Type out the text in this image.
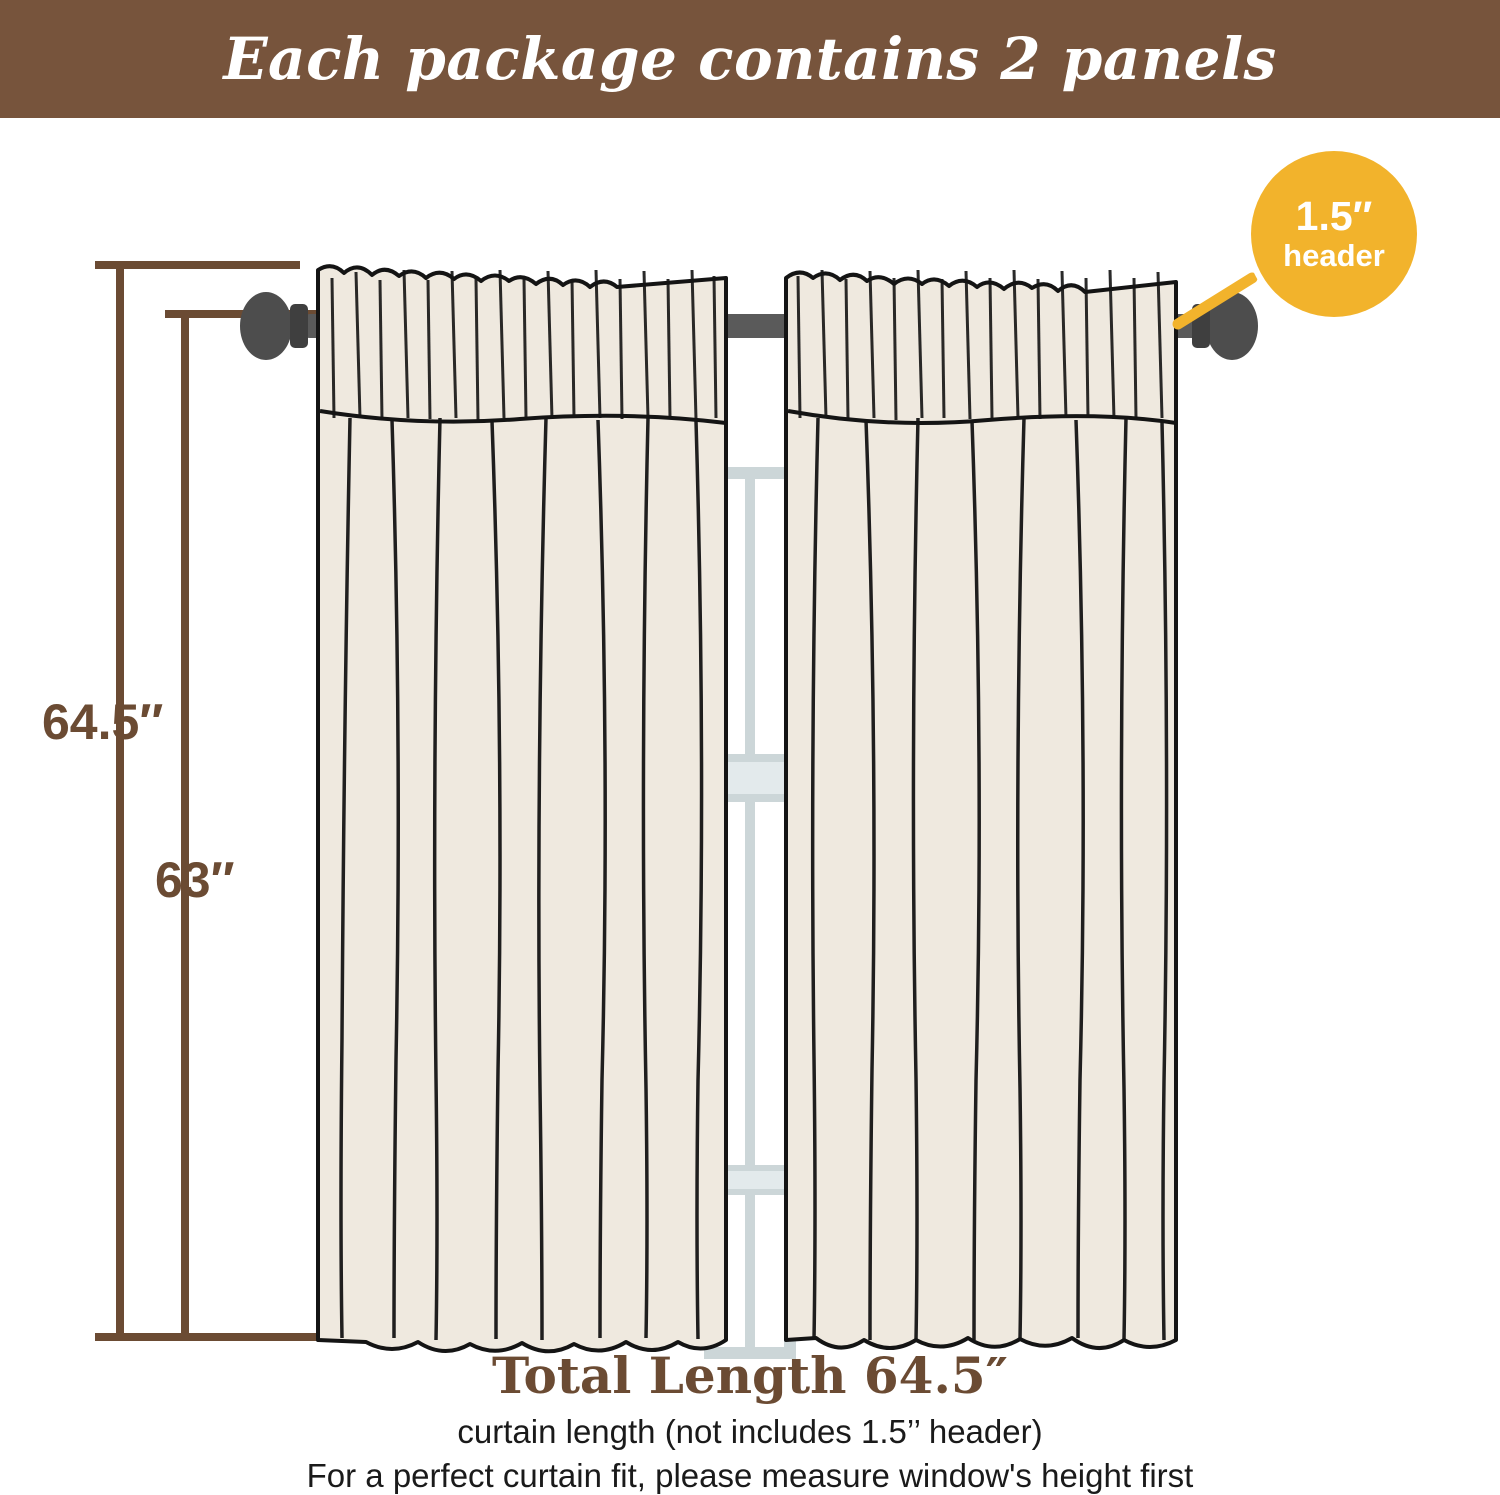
Each package contains 2 panels
64.5″
63″
1.5″
header
Total Length 64.5″
curtain length (not includes 1.5’’ header)
For a perfect curtain fit, please measure window's height first
